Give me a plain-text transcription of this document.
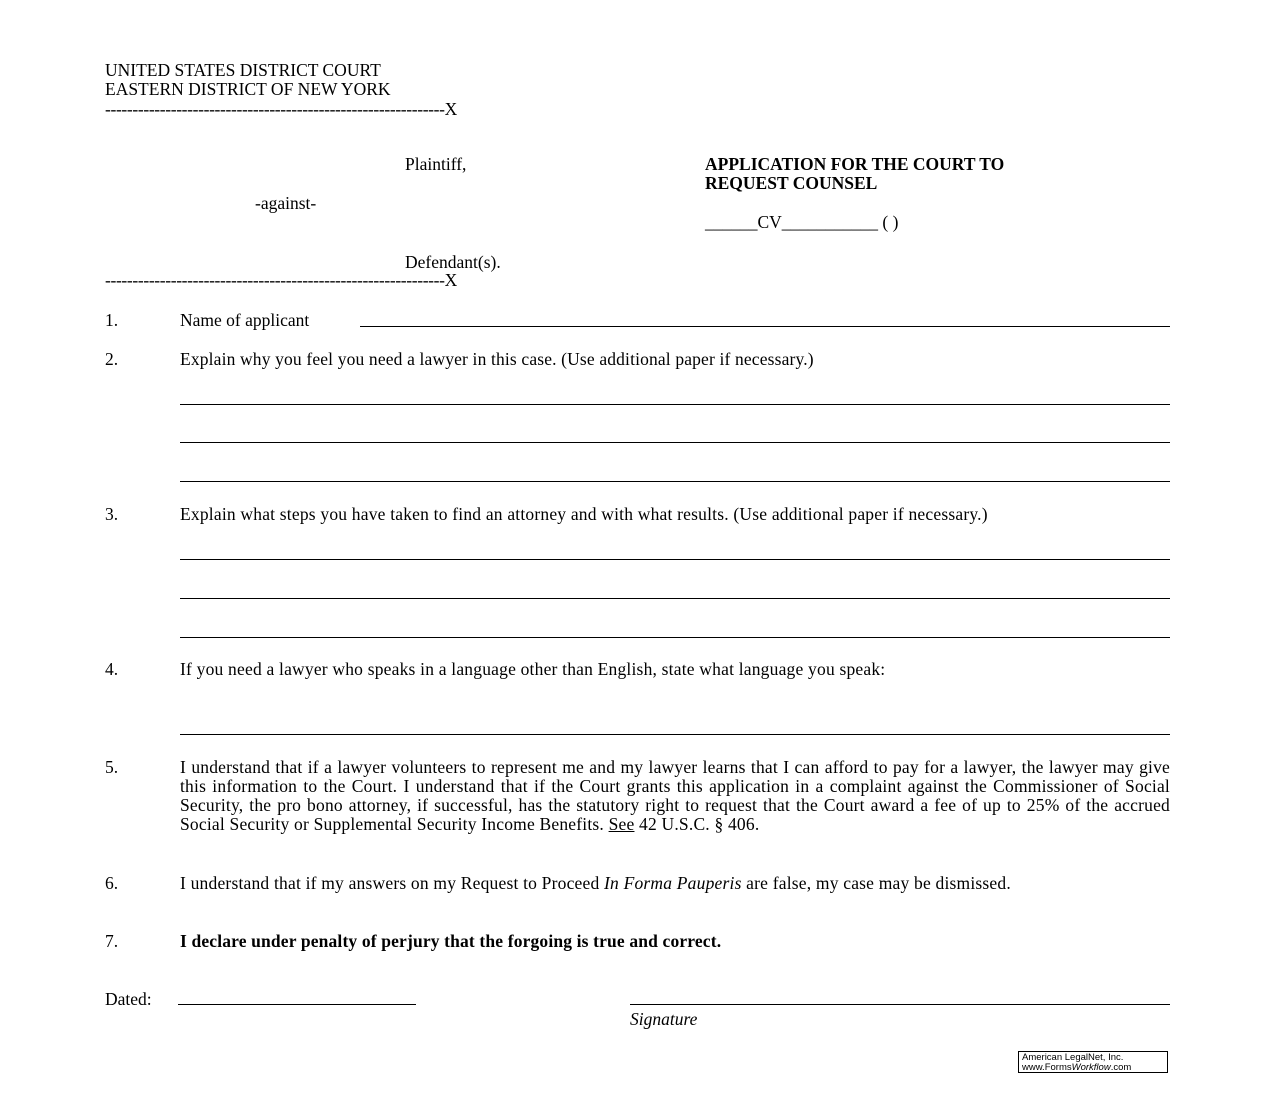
UNITED STATES DISTRICT COURT
EASTERN DISTRICT OF NEW YORK
--------------------------------------------------------------X
Plaintiff,
-against-
Defendant(s).
--------------------------------------------------------------X
APPLICATION FOR THE COURT TO
REQUEST COUNSEL
______CV___________ ( )
1.	Name of applicant
2.	Explain why you feel you need a lawyer in this case. (Use additional paper if necessary.)
3.	Explain what steps you have taken to find an attorney and with what results. (Use additional paper if necessary.)
4.	If you need a lawyer who speaks in a language other than English, state what language you speak:
5.	I understand that if a lawyer volunteers to represent me and my lawyer learns that I can afford to pay for a lawyer, the lawyer may give this information to the Court. I understand that if the Court grants this application in a complaint against the Commissioner of Social Security, the pro bono attorney, if successful, has the statutory right to request that the Court award a fee of up to 25% of the accrued Social Security or Supplemental Security Income Benefits. See 42 U.S.C. § 406.
6.	I understand that if my answers on my Request to Proceed In Forma Pauperis are false, my case may be dismissed.
7.	I declare under penalty of perjury that the forgoing is true and correct.
Dated:
Signature
American LegalNet, Inc.
www.FormsWorkflow.com
